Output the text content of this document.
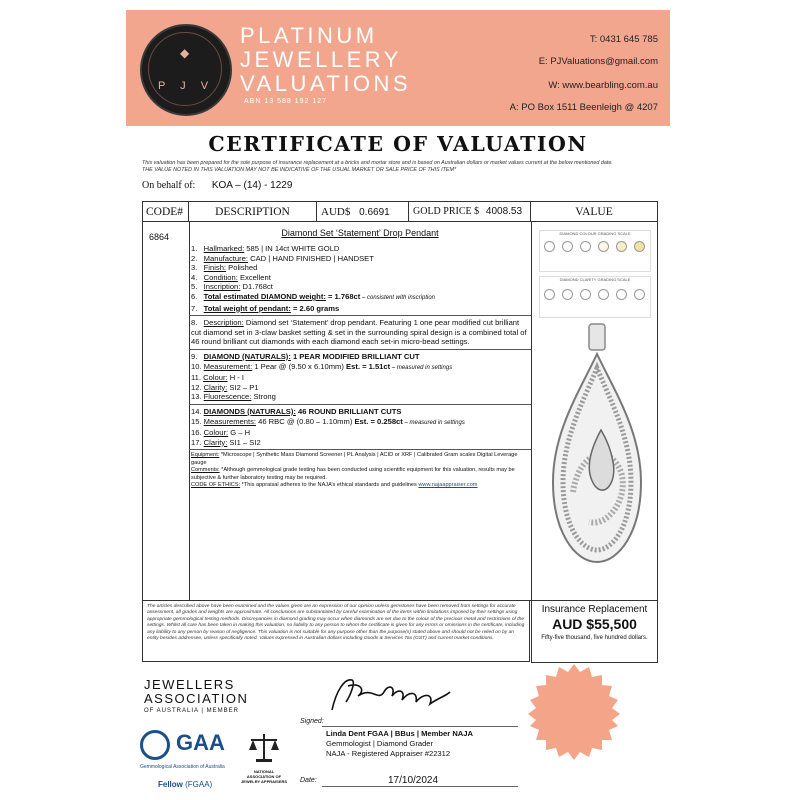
◆
P J V
PLATINUM
JEWELLERY
VALUATIONS
ABN 13 588 192 127
T: 0431 645 785
E: PJValuations@gmail.com
W: www.bearbling.com.au
A: PO Box 1511 Beenleigh @ 4207
CERTIFICATE OF VALUATION
This valuation has been prepared for the sole purpose of insurance replacement at a bricks and mortar store and is based on Australian dollars or market values current at the below mentioned date.
THE VALUE NOTED IN THIS VALUATION MAY NOT BE INDICATIVE OF THE USUAL MARKET OR SALE PRICE OF THIS ITEM*
On behalf of: KOA – (14) - 1229
CODE#	DESCRIPTION	AUD$ 0.6691	GOLD PRICE $ 4008.53	VALUE
6864	Diamond Set ‘Statement’ Drop Pendant
1.   Hallmarked: 585 | IN 14ct WHITE GOLD
2.   Manufacture: CAD | HAND FINISHED | HANDSET
3.   Finish: Polished
4.   Condition: Excellent
5.   Inscription: D1.768ct
6.   Total estimated DIAMOND weight: = 1.768ct – consistent with inscription
7.   Total weight of pendant: = 2.60 grams
8.   Description: Diamond set ‘Statement’ drop pendant. Featuring 1 one pear modified cut brilliant cut diamond set in 3-claw basket setting & set in the surrounding spiral design is a combined total of 46 round brilliant cut diamonds with each diamond each set-in micro-bead settings.
9.   DIAMOND (NATURALS): 1 PEAR MODIFIED BRILLIANT CUT
10. Measurement: 1 Pear @ (9.50 x 6.10mm) Est. = 1.51ct – measured in settings
11. Colour: H - I
12. Clarity: SI2 – P1
13. Fluorescence: Strong
14. DIAMONDS (NATURALS): 46 ROUND BRILLIANT CUTS
15. Measurements: 46 RBC @ (0.80 – 1.10mm) Est. = 0.258ct – measured in settings
16. Colour: G – H
17. Clarity: SI1 – SI2
Equipment: *Microscope | Synthetic Mass Diamond Screener | PL Analysis | ACID or XRF | Calibrated Gram scales Digital Leverage gauge
Comments: *Although gemmological grade testing has been conducted using scientific equipment for this valuation, results may be subjective & further laboratory testing may be required.
CODE OF ETHICS: *This appraisal adheres to the NAJA’s ethical standards and guidelines www.najaappraiser.com
DIAMOND COLOUR GRADING SCALE
DIAMOND CLARITY GRADING SCALE
The articles described above have been examined and the values given are an expression of our opinion unless gemstones have been removed from settings for accurate assessment, all grades and weights are approximate. All conclusions are substantiated by careful examination of the items within limitations imposed by their settings using appropriate gemmological testing methods. Discrepancies in diamond grading may occur when diamonds are set due to the colour of the precious metal and restrictions of the settings. Whilst all care has been taken in making this valuation, no liability to any person to whom the certificate is given for any errors or omissions in the certificate, including any liability to any person by reason of negligence. This valuation is not suitable for any purpose other than the purpose(s) stated above and should not be relied on by an entity besides addressee, unless specifically noted. Values expressed in Australian dollars including Goods & Services Tax (GST) and current market conditions.
Insurance Replacement
AUD $55,500
Fifty-five thousand, five hundred dollars.
JEWELLERS
ASSOCIATION
OF AUSTRALIA | MEMBER
GAA
Gemmological Association of Australia
Fellow (FGAA)
NATIONAL ASSOCIATION OF JEWELRY APPRAISERS
Signed:
Linda Dent FGAA | BBus | Member NAJA
Gemmologist | Diamond Grader
NAJA - Registered Appraiser #22312
Date:	17/10/2024
